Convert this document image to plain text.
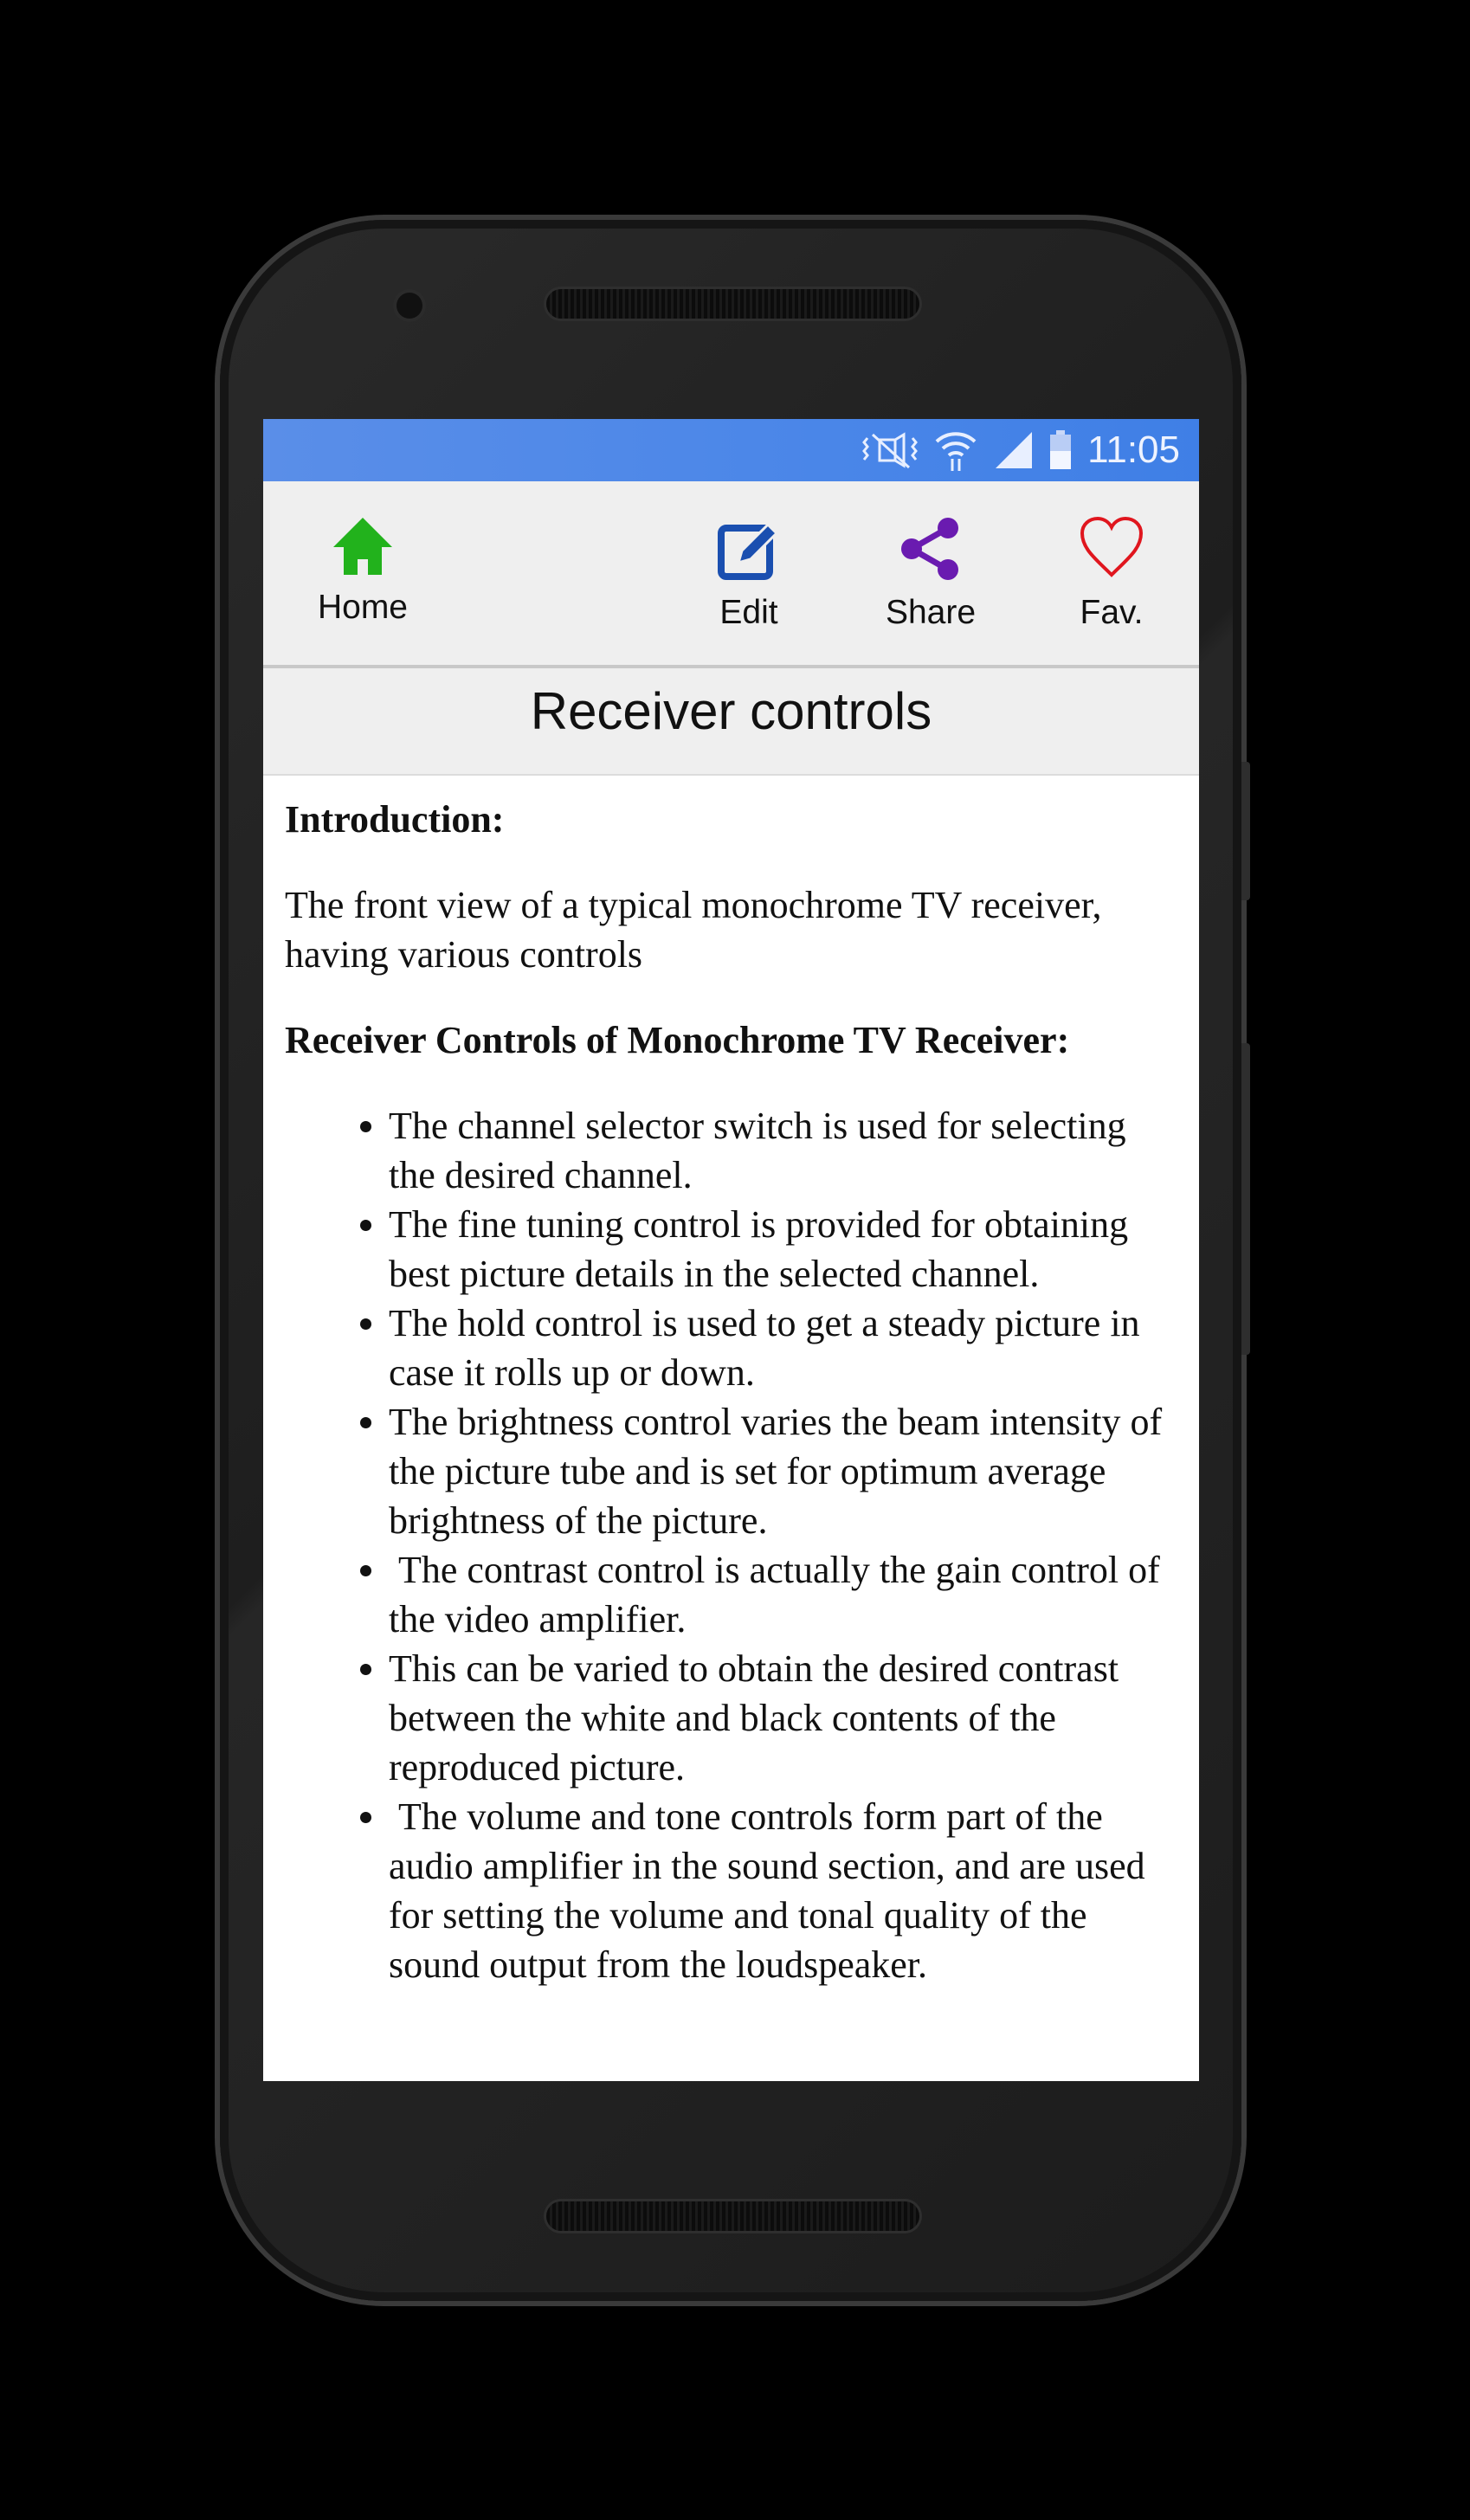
11:05
Home	Edit	Share	Fav.
Receiver controls

Introduction:

The front view of a typical monochrome TV receiver, having various controls

Receiver Controls of Monochrome TV Receiver:

• The channel selector switch is used for selecting the desired channel.
• The fine tuning control is provided for obtaining best picture details in the selected channel.
• The hold control is used to get a steady picture in case it rolls up or down.
• The brightness control varies the beam intensity of the picture tube and is set for optimum average brightness of the picture.
•  The contrast control is actually the gain control of the video amplifier.
• This can be varied to obtain the desired contrast between the white and black contents of the reproduced picture.
•  The volume and tone controls form part of the audio amplifier in the sound section, and are used for setting the volume and tonal quality of the sound output from the loudspeaker.
